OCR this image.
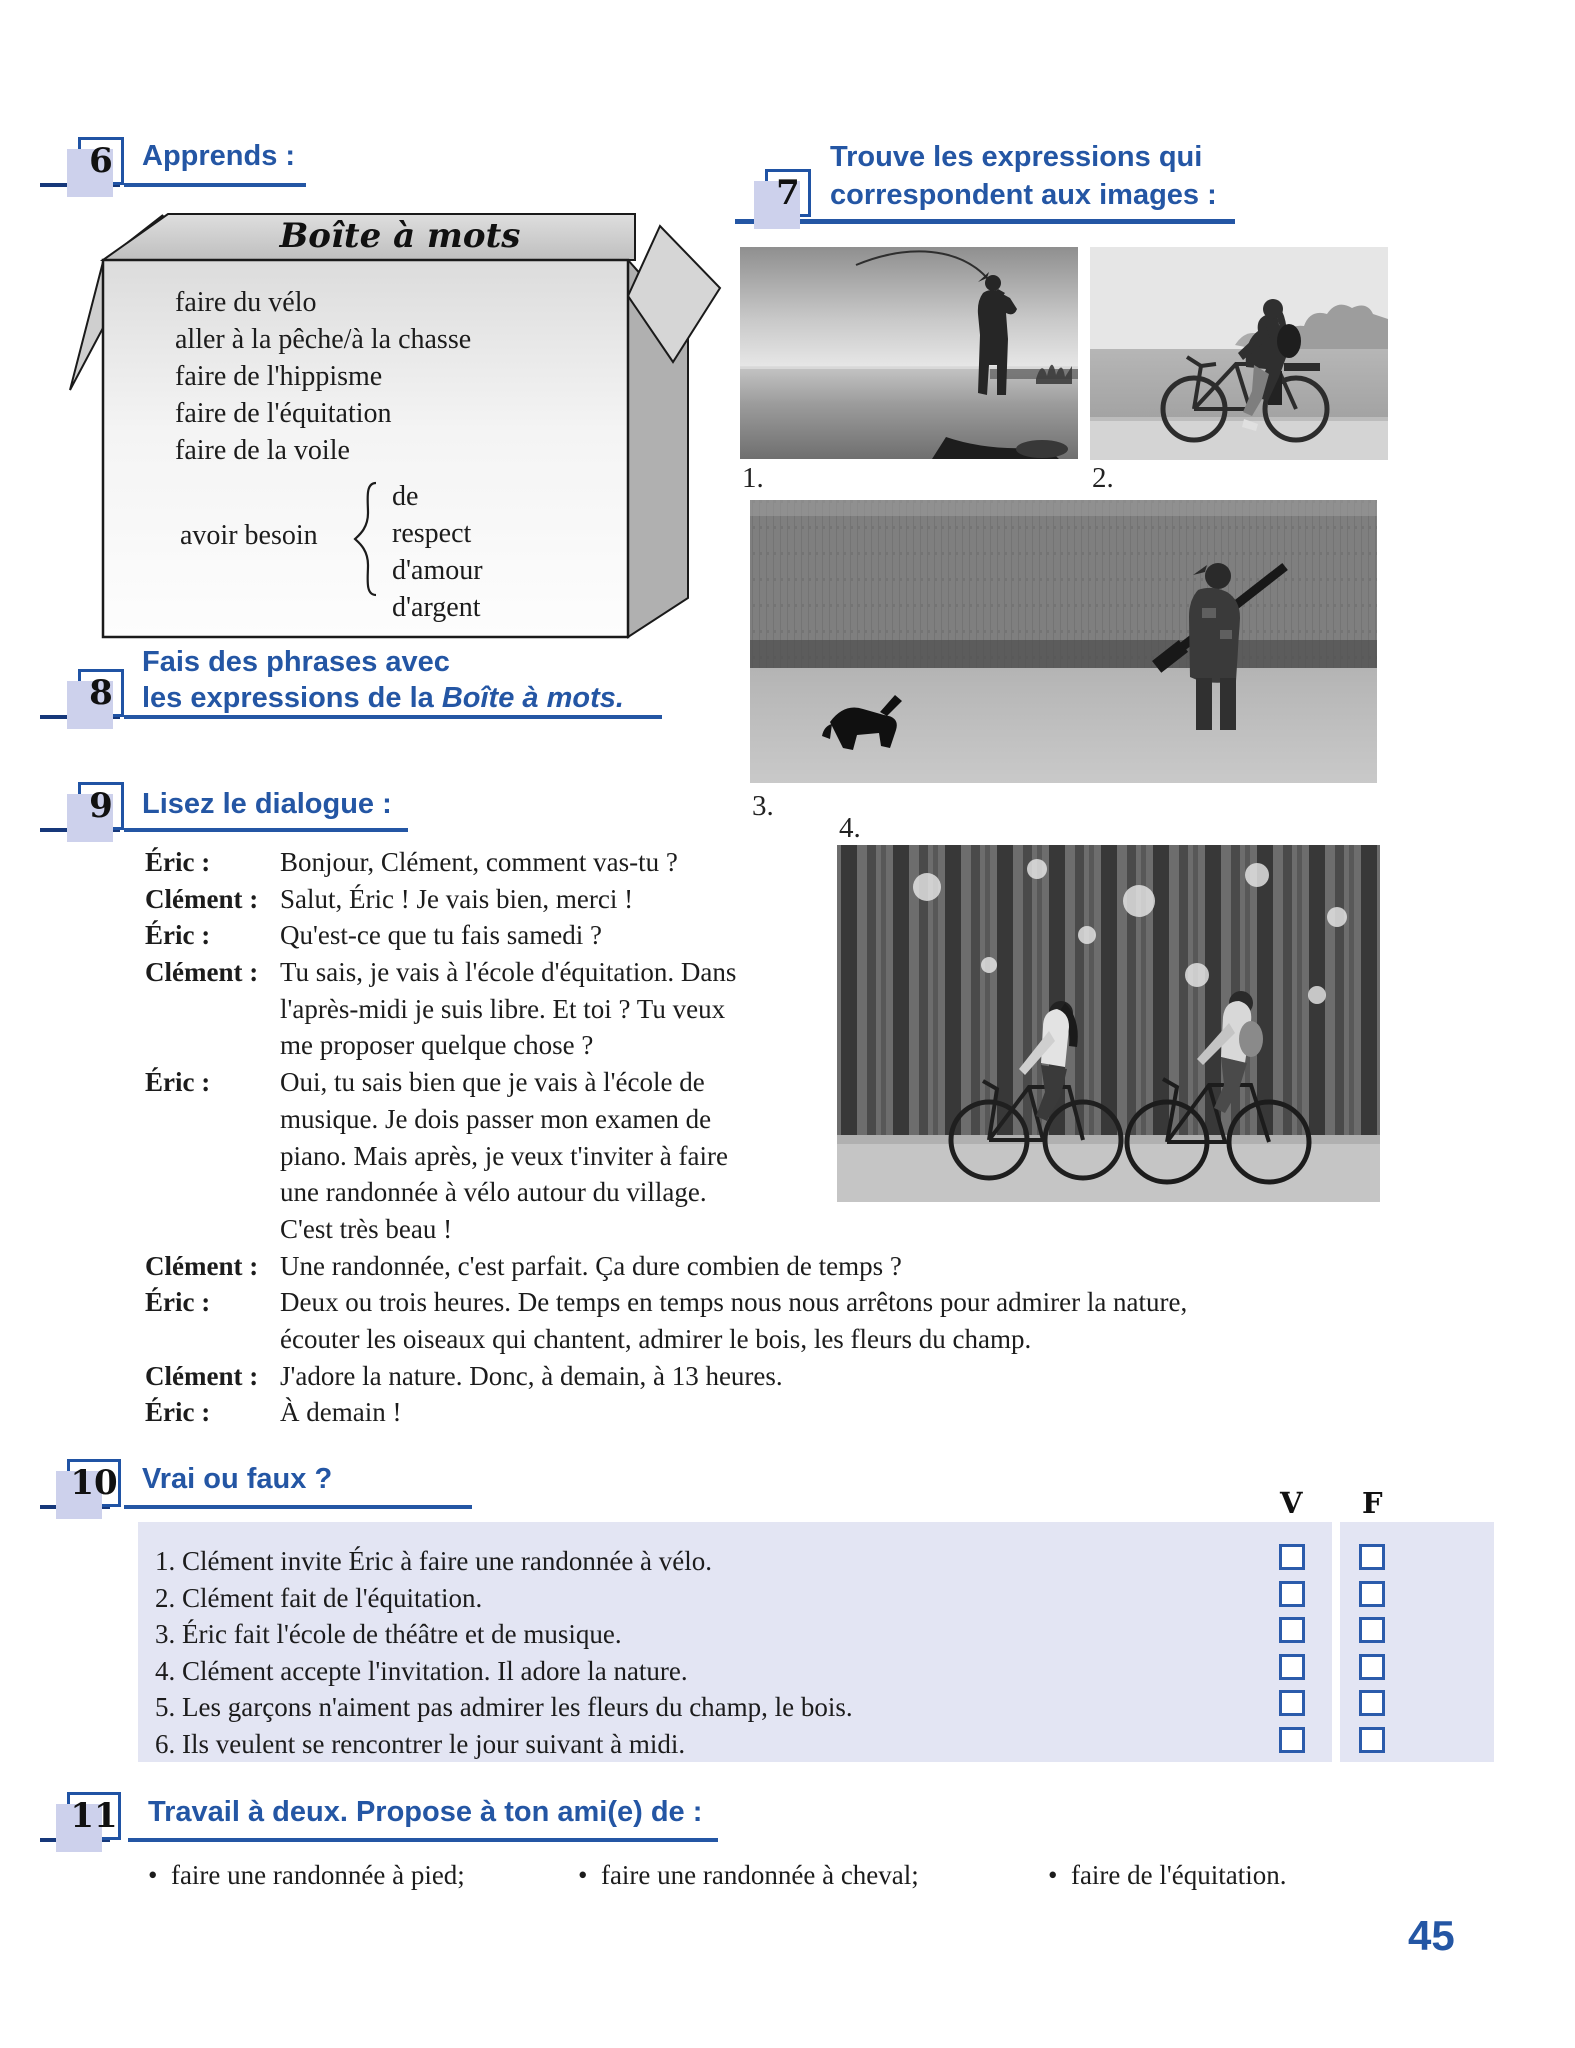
6 Apprends :
Boîte à mots
faire du vélo
aller à la pêche/à la chasse
faire de l'hippisme
faire de l'équitation
faire de la voile
avoir besoin
de respect
d'amour
d'argent
7
Trouve les expressions qui
correspondent aux images :
1.	2.
3.
4.
8
Fais des phrases avec
les expressions de la Boîte à mots.
9 Lisez le dialogue :
Éric :	Bonjour, Clément, comment vas-tu ?
Clément : Salut, Éric ! Je vais bien, merci !
Éric :	Qu'est-ce que tu fais samedi ?
Clément : Tu sais, je vais à l'école d'équitation. Dans
l'après-midi je suis libre. Et toi ? Tu veux
me proposer quelque chose ?
Éric :	Oui, tu sais bien que je vais à l'école de
musique. Je dois passer mon examen de
piano. Mais après, je veux t'inviter à faire
une randonnée à vélo autour du village.
C'est très beau !
Clément : Une randonnée, c'est parfait. Ça dure combien de temps ?
Éric :	Deux ou trois heures. De temps en temps nous nous arrêtons pour admirer la nature,
écouter les oiseaux qui chantent, admirer le bois, les fleurs du champ.
Clément : J'adore la nature. Donc, à demain, à 13 heures.
Éric :	À demain !
10 Vrai ou faux ?
V F
1. Clément invite Éric à faire une randonnée à vélo.
2. Clément fait de l'équitation.
3. Éric fait l'école de théâtre et de musique.
4. Clément accepte l'invitation. Il adore la nature.
5. Les garçons n'aiment pas admirer les fleurs du champ, le bois.
6. Ils veulent se rencontrer le jour suivant à midi.
11 Travail à deux. Propose à ton ami(e) de :
•  faire une randonnée à pied;	•  faire une randonnée à cheval;	•  faire de l'équitation.
45
